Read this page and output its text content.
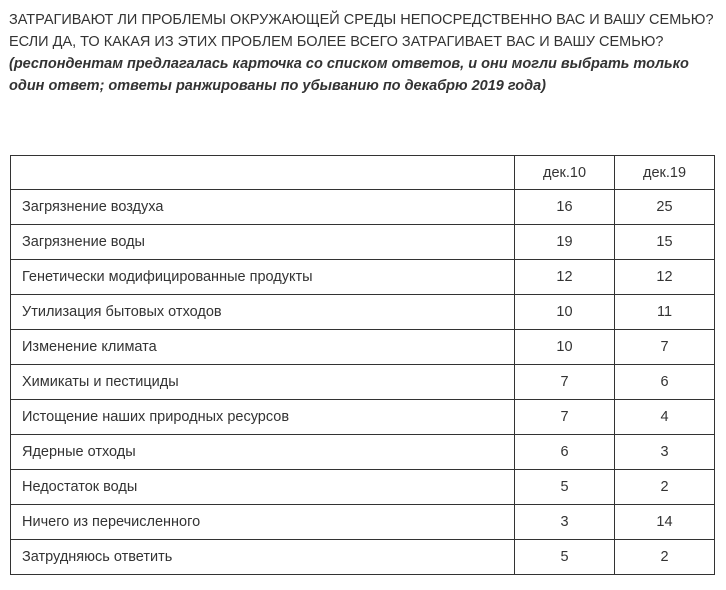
ЗАТРАГИВАЮТ ЛИ ПРОБЛЕМЫ ОКРУЖАЮЩЕЙ СРЕДЫ НЕПОСРЕДСТВЕННО ВАС И ВАШУ СЕМЬЮ? ЕСЛИ ДА, ТО КАКАЯ ИЗ ЭТИХ ПРОБЛЕМ БОЛЕЕ ВСЕГО ЗАТРАГИВАЕТ ВАС И ВАШУ СЕМЬЮ? (респондентам предлагалась карточка со списком ответов, и они могли выбрать только один ответ; ответы ранжированы по убыванию по декабрю 2019 года)

	дек.10	дек.19
Загрязнение воздуха	16	25
Загрязнение воды	19	15
Генетически модифицированные продукты	12	12
Утилизация бытовых отходов	10	11
Изменение климата	10	7
Химикаты и пестициды	7	6
Истощение наших природных ресурсов	7	4
Ядерные отходы	6	3
Недостаток воды	5	2
Ничего из перечисленного	3	14
Затрудняюсь ответить	5	2
